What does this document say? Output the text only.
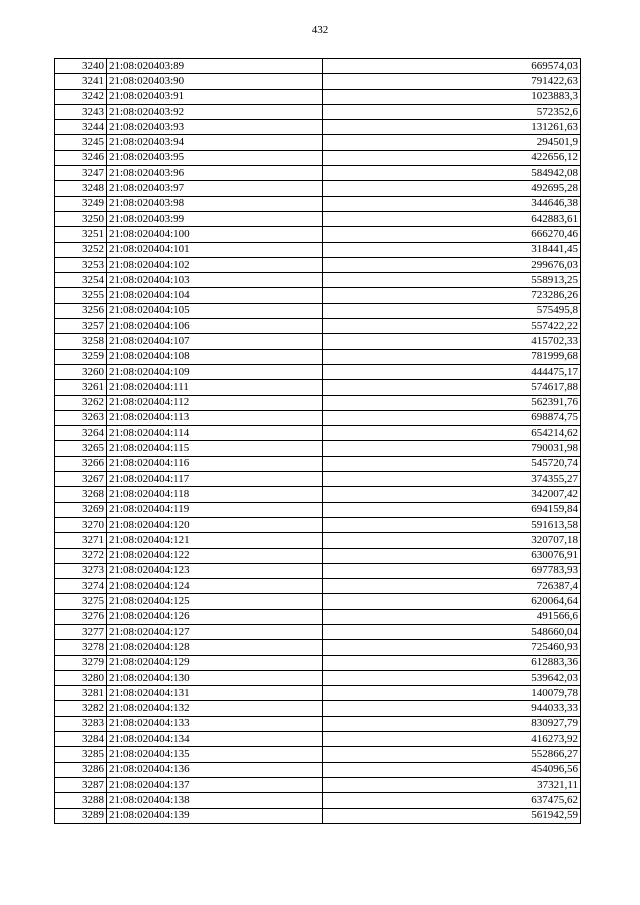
432
3240	21:08:020403:89	669574,03
3241	21:08:020403:90	791422,63
3242	21:08:020403:91	1023883,3
3243	21:08:020403:92	572352,6
3244	21:08:020403:93	131261,63
3245	21:08:020403:94	294501,9
3246	21:08:020403:95	422656,12
3247	21:08:020403:96	584942,08
3248	21:08:020403:97	492695,28
3249	21:08:020403:98	344646,38
3250	21:08:020403:99	642883,61
3251	21:08:020404:100	666270,46
3252	21:08:020404:101	318441,45
3253	21:08:020404:102	299676,03
3254	21:08:020404:103	558913,25
3255	21:08:020404:104	723286,26
3256	21:08:020404:105	575495,8
3257	21:08:020404:106	557422,22
3258	21:08:020404:107	415702,33
3259	21:08:020404:108	781999,68
3260	21:08:020404:109	444475,17
3261	21:08:020404:111	574617,88
3262	21:08:020404:112	562391,76
3263	21:08:020404:113	698874,75
3264	21:08:020404:114	654214,62
3265	21:08:020404:115	790031,98
3266	21:08:020404:116	545720,74
3267	21:08:020404:117	374355,27
3268	21:08:020404:118	342007,42
3269	21:08:020404:119	694159,84
3270	21:08:020404:120	591613,58
3271	21:08:020404:121	320707,18
3272	21:08:020404:122	630076,91
3273	21:08:020404:123	697783,93
3274	21:08:020404:124	726387,4
3275	21:08:020404:125	620064,64
3276	21:08:020404:126	491566,6
3277	21:08:020404:127	548660,04
3278	21:08:020404:128	725460,93
3279	21:08:020404:129	612883,36
3280	21:08:020404:130	539642,03
3281	21:08:020404:131	140079,78
3282	21:08:020404:132	944033,33
3283	21:08:020404:133	830927,79
3284	21:08:020404:134	416273,92
3285	21:08:020404:135	552866,27
3286	21:08:020404:136	454096,56
3287	21:08:020404:137	37321,11
3288	21:08:020404:138	637475,62
3289	21:08:020404:139	561942,59
